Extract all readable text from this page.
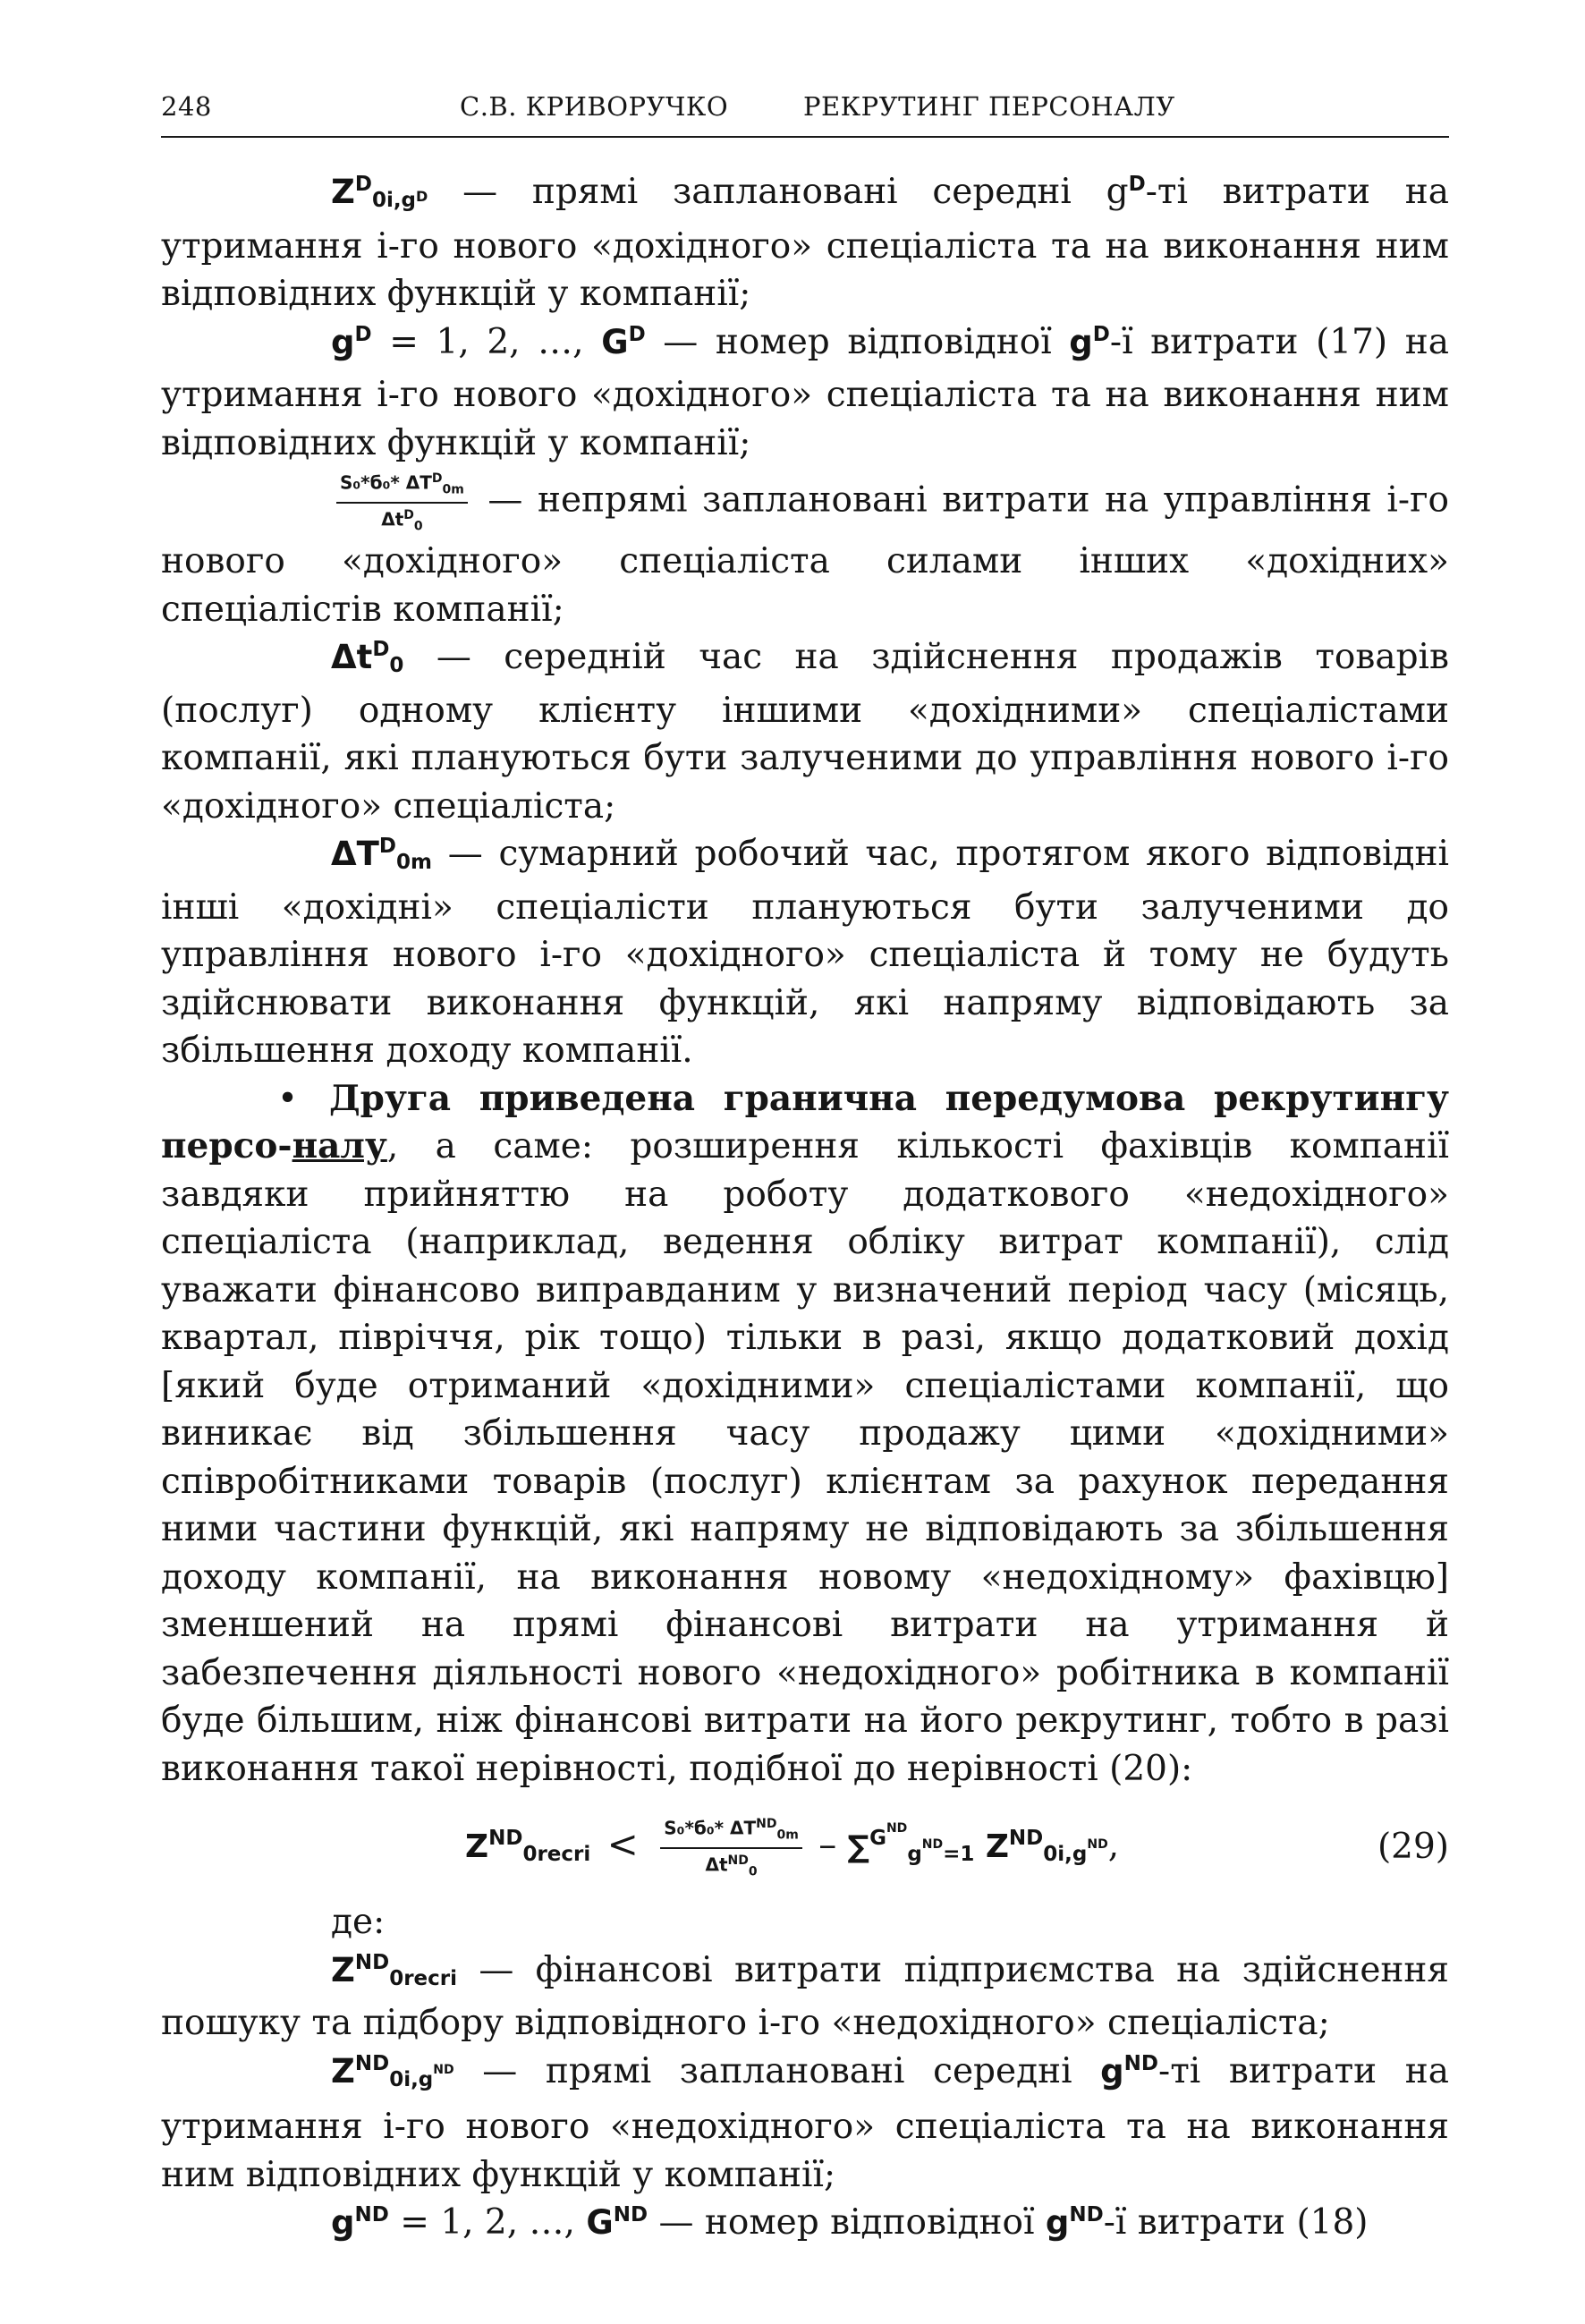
248	С.В. КРИВОРУЧКО	РЕКРУТИНГ ПЕРСОНАЛУ

$Z^D_{0i,g^D}$ — прямі заплановані середні $g^D-ті$ витрати на утримання і-го нового «дохідного» спеціаліста та на виконання ним відповідних функцій у компанії;

$g^D = 1$, 2, …, $G^D$ — номер відповідної $g^D-ї$ витрати (17) на утримання і-го нового «дохідного» спеціаліста та на виконання ним відповідних функцій у компанії;

$\frac{S_0*б_0* \Delta T^D_{0m}}{\Delta t^D_0}$ — непрямі заплановані витрати на управління і-го нового «дохідного» спеціаліста силами інших «дохідних» спеціалістів компанії;

$\Delta t^D_0$ — середній час на здійснення продажів товарів (послуг) одному клієнту іншими «дохідними» спеціалістами компанії, які плануються бути залученими до управління нового і-го «дохідного» спеціаліста;

$\Delta T^D_{0m}$ — сумарний робочий час, протягом якого відповідні інші «дохідні» спеціалісти плануються бути залученими до управління нового і-го «дохідного» спеціаліста й тому не будуть здійснювати виконання функцій, які напряму відповідають за збільшення доходу компанії.

• Друга приведена гранична передумова рекрутингу персо-налу, а саме: розширення кількості фахівців компанії завдяки прийняттю на роботу додаткового «недохідного» спеціаліста (наприклад, ведення обліку витрат компанії), слід уважати фінансово виправданим у визначений період часу (місяць, квартал, півріччя, рік тощо) тільки в разі, якщо додатковий дохід [який буде отриманий «дохідними» спеціалістами компанії, що виникає від збільшення часу продажу цими «дохідними» співробітниками товарів (послуг) клієнтам за рахунок передання ними частини функцій, які напряму не відповідають за збільшення доходу компанії, на виконання новому «недохідному» фахівцю] зменшений на прямі фінансові витрати на утримання й забезпечення діяльності нового «недохідного» робітника в компанії буде більшим, ніж фінансові витрати на його рекрутинг, тобто в разі виконання такої нерівності, подібної до нерівності (20):

$Z^{ND}_{0recri} < \frac{S_0*б_0* \Delta T^{ND}_{0m}}{\Delta t^{ND}_0} - \sum^{G^{ND}}_{g^{ND}=1}$ $Z^{ND}_{0i,g^{ND}}$,	(29)

де:

$Z^{ND}_{0recri}$ — фінансові витрати підприємства на здійснення пошуку та підбору відповідного і-го «недохідного» спеціаліста;

$Z^{ND}_{0i,g^{ND}}$ — прямі заплановані середні $g^{ND}-ті$ витрати на утримання і-го нового «недохідного» спеціаліста та на виконання ним відповідних функцій у компанії;

$g^{ND} = 1$, 2, …, $G^{ND}$ — номер відповідної $g^{ND}-ї$ витрати (18)
